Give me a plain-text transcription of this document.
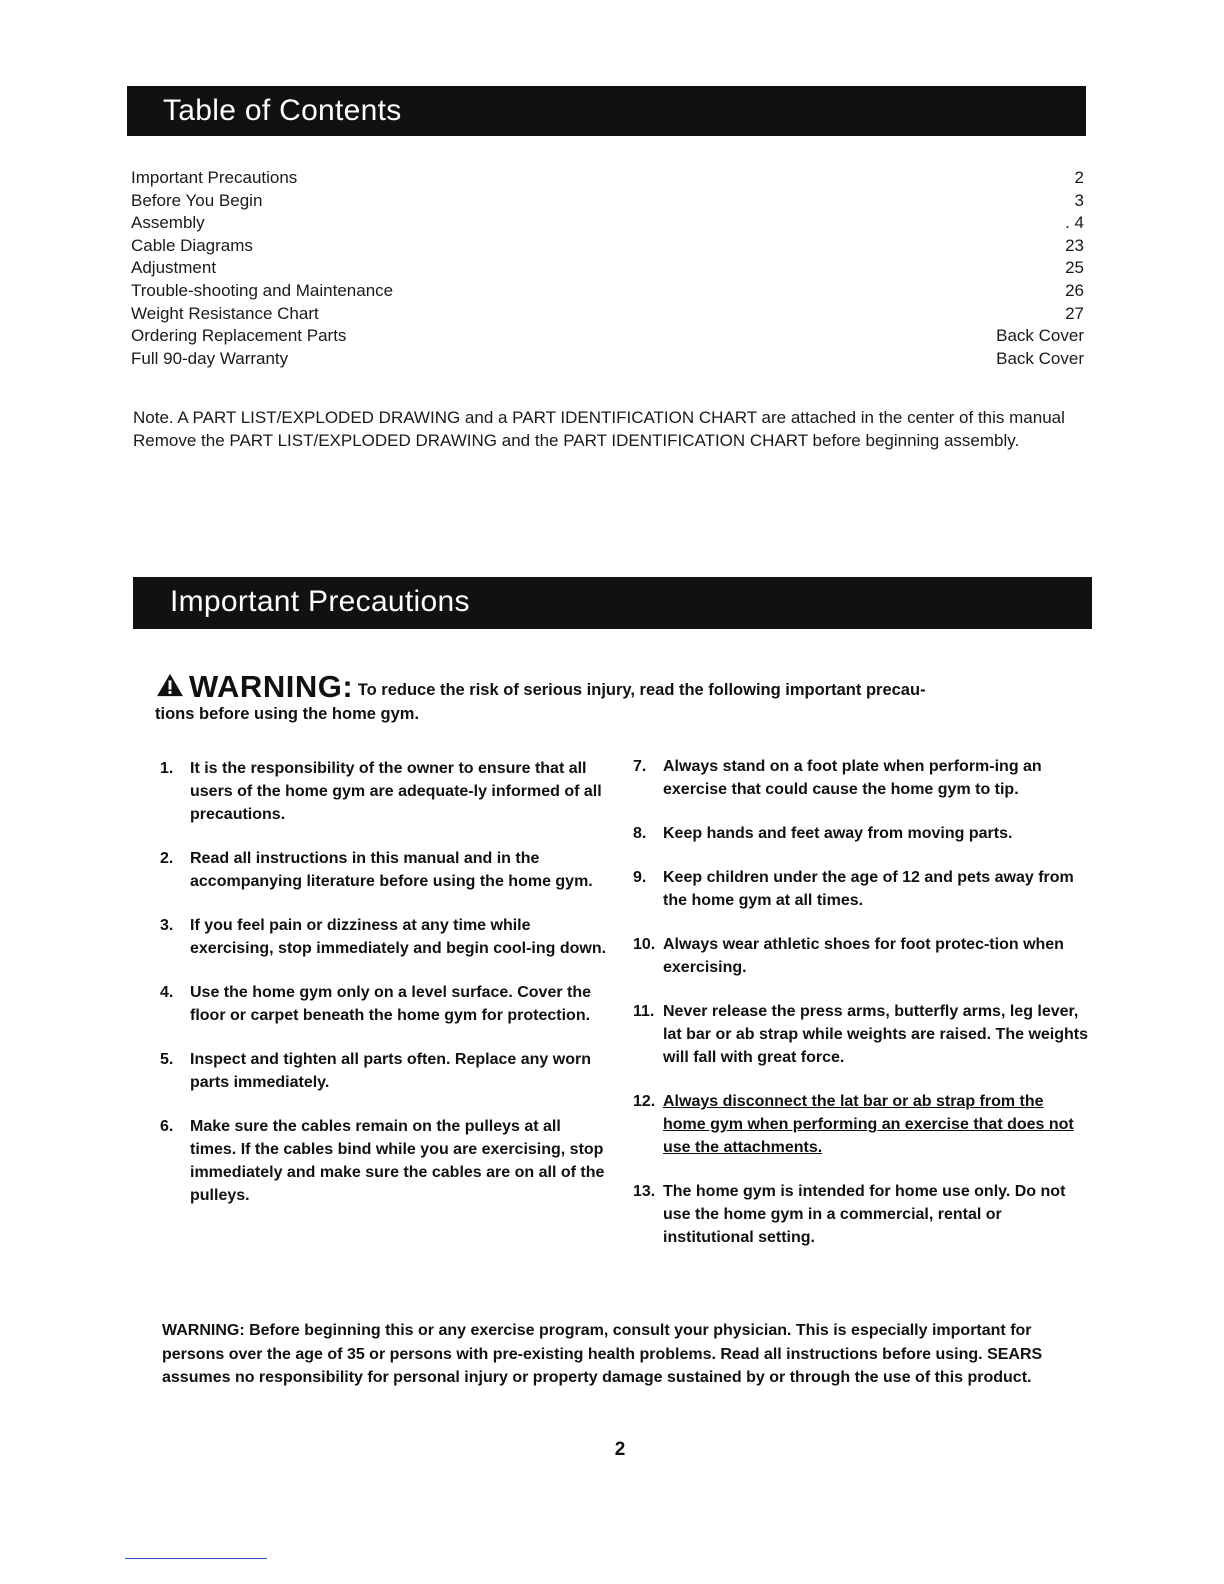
Table of Contents
Important Precautions	2
Before You Begin	3
Assembly	. 4
Cable Diagrams	23
Adjustment	25
Trouble-shooting and Maintenance	26
Weight Resistance Chart	27
Ordering Replacement Parts	Back Cover
Full 90-day Warranty	Back Cover

Note. A PART LIST/EXPLODED DRAWING and a PART IDENTIFICATION CHART are attached in the center of this manual Remove the PART LIST/EXPLODED DRAWING and the PART IDENTIFICATION CHART before beginning assembly.

Important Precautions
WARNING: To reduce the risk of serious injury, read the following important precau-
tions before using the home gym.
1. It is the responsibility of the owner to ensure that all users of the home gym are adequate-ly informed of all precautions.
2. Read all instructions in this manual and in the accompanying literature before using the home gym.
3. If you feel pain or dizziness at any time while exercising, stop immediately and begin cool-ing down.
4. Use the home gym only on a level surface. Cover the floor or carpet beneath the home gym for protection.
5. Inspect and tighten all parts often. Replace any worn parts immediately.
6. Make sure the cables remain on the pulleys at all times. If the cables bind while you are exercising, stop immediately and make sure the cables are on all of the pulleys.
7. Always stand on a foot plate when perform-ing an exercise that could cause the home gym to tip.
8. Keep hands and feet away from moving parts.
9. Keep children under the age of 12 and pets away from the home gym at all times.
10. Always wear athletic shoes for foot protec-tion when exercising.
11. Never release the press arms, butterfly arms, leg lever, lat bar or ab strap while weights are raised. The weights will fall with great force.
12. Always disconnect the lat bar or ab strap from the home gym when performing an exercise that does not use the attachments.
13. The home gym is intended for home use only. Do not use the home gym in a commercial, rental or institutional setting.

WARNING: Before beginning this or any exercise program, consult your physician. This is especially important for persons over the age of 35 or persons with pre-existing health problems. Read all instructions before using. SEARS assumes no responsibility for personal injury or property damage sustained by or through the use of this product.

2
